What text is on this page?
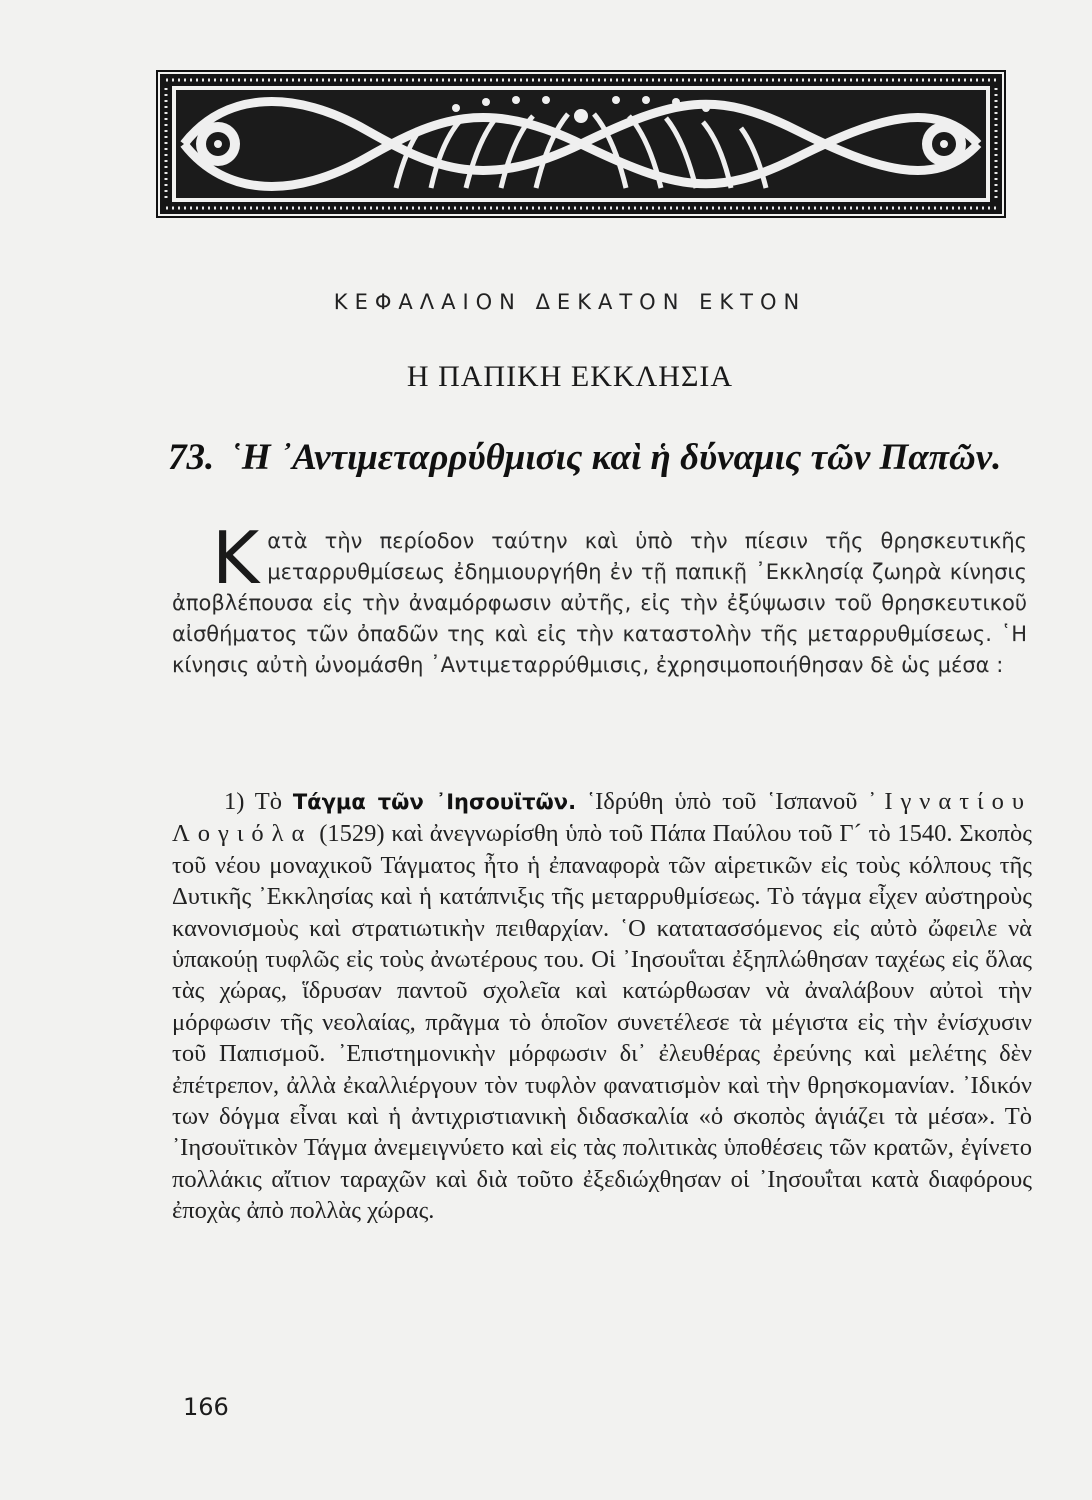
ΚΕΦΑΛΑΙΟΝ ΔΕΚΑΤΟΝ ΕΚΤΟΝ
Η ΠΑΠΙΚΗ ΕΚΚΛΗΣΙΑ
73. ῾Η ᾽Αντιμεταρρύθμισις καὶ ἡ δύναμις τῶν Παπῶν.

Κατὰ τὴν περίοδον ταύτην καὶ ὑπὸ τὴν πίεσιν τῆς θρησκευτικῆς μεταρρυθμίσεως ἐδημιουργήθη ἐν τῇ παπικῇ ᾽Εκκλησίᾳ ζωηρὰ κίνησις ἀποβλέπουσα εἰς τὴν ἀναμόρφωσιν αὐτῆς, εἰς τὴν ἐξύψωσιν τοῦ θρησκευτικοῦ αἰσθήματος τῶν ὀπαδῶν της καὶ εἰς τὴν καταστολὴν τῆς μεταρρυθμίσεως. ῾Η κίνησις αὐτὴ ὠνομάσθη ᾽Αντιμεταρρύθμισις, ἐχρησιμοποιήθησαν δὲ ὡς μέσα :

1) Τὸ Τάγμα τῶν ᾽Ιησουϊτῶν. ῾Ιδρύθη ὑπὸ τοῦ ῾Ισπανοῦ ᾽Ιγνατίου Λογιόλα (1529) καὶ ἀνεγνωρίσθη ὑπὸ τοῦ Πάπα Παύλου τοῦ Γ´ τὸ 1540. Σκοπὸς τοῦ νέου μοναχικοῦ Τάγματος ἦτο ἡ ἐπαναφορὰ τῶν αἱρετικῶν εἰς τοὺς κόλπους τῆς Δυτικῆς ᾽Εκκλησίας καὶ ἡ κατάπνιξις τῆς μεταρρυθμίσεως. Τὸ τάγμα εἶχεν αὐστηροὺς κανονισμοὺς καὶ στρατιωτικὴν πειθαρχίαν. ῾Ο κατατασσόμενος εἰς αὐτὸ ὤφειλε νὰ ὑπακούῃ τυφλῶς εἰς τοὺς ἀνωτέρους του. Οἱ ᾽Ιησουΐται ἐξηπλώθησαν ταχέως εἰς ὅλας τὰς χώρας, ἵδρυσαν παντοῦ σχολεῖα καὶ κατώρθωσαν νὰ ἀναλάβουν αὐτοὶ τὴν μόρφωσιν τῆς νεολαίας, πρᾶγμα τὸ ὁποῖον συνετέλεσε τὰ μέγιστα εἰς τὴν ἐνίσχυσιν τοῦ Παπισμοῦ. ᾽Επιστημονικὴν μόρφωσιν δι᾽ ἐλευθέρας ἐρεύνης καὶ μελέτης δὲν ἐπέτρεπον, ἀλλὰ ἐκαλλιέργουν τὸν τυφλὸν φανατισμὸν καὶ τὴν θρησκομανίαν. ᾽Ιδικόν των δόγμα εἶναι καὶ ἡ ἀντιχριστιανικὴ διδασκαλία «ὁ σκοπὸς ἁγιάζει τὰ μέσα». Τὸ ᾽Ιησουϊτικὸν Τάγμα ἀνεμειγνύετο καὶ εἰς τὰς πολιτικὰς ὑποθέσεις τῶν κρατῶν, ἐγίνετο πολλάκις αἴτιον ταραχῶν καὶ διὰ τοῦτο ἐξεδιώχθησαν οἱ ᾽Ιησουΐται κατὰ διαφόρους ἐποχὰς ἀπὸ πολλὰς χώρας.

166
